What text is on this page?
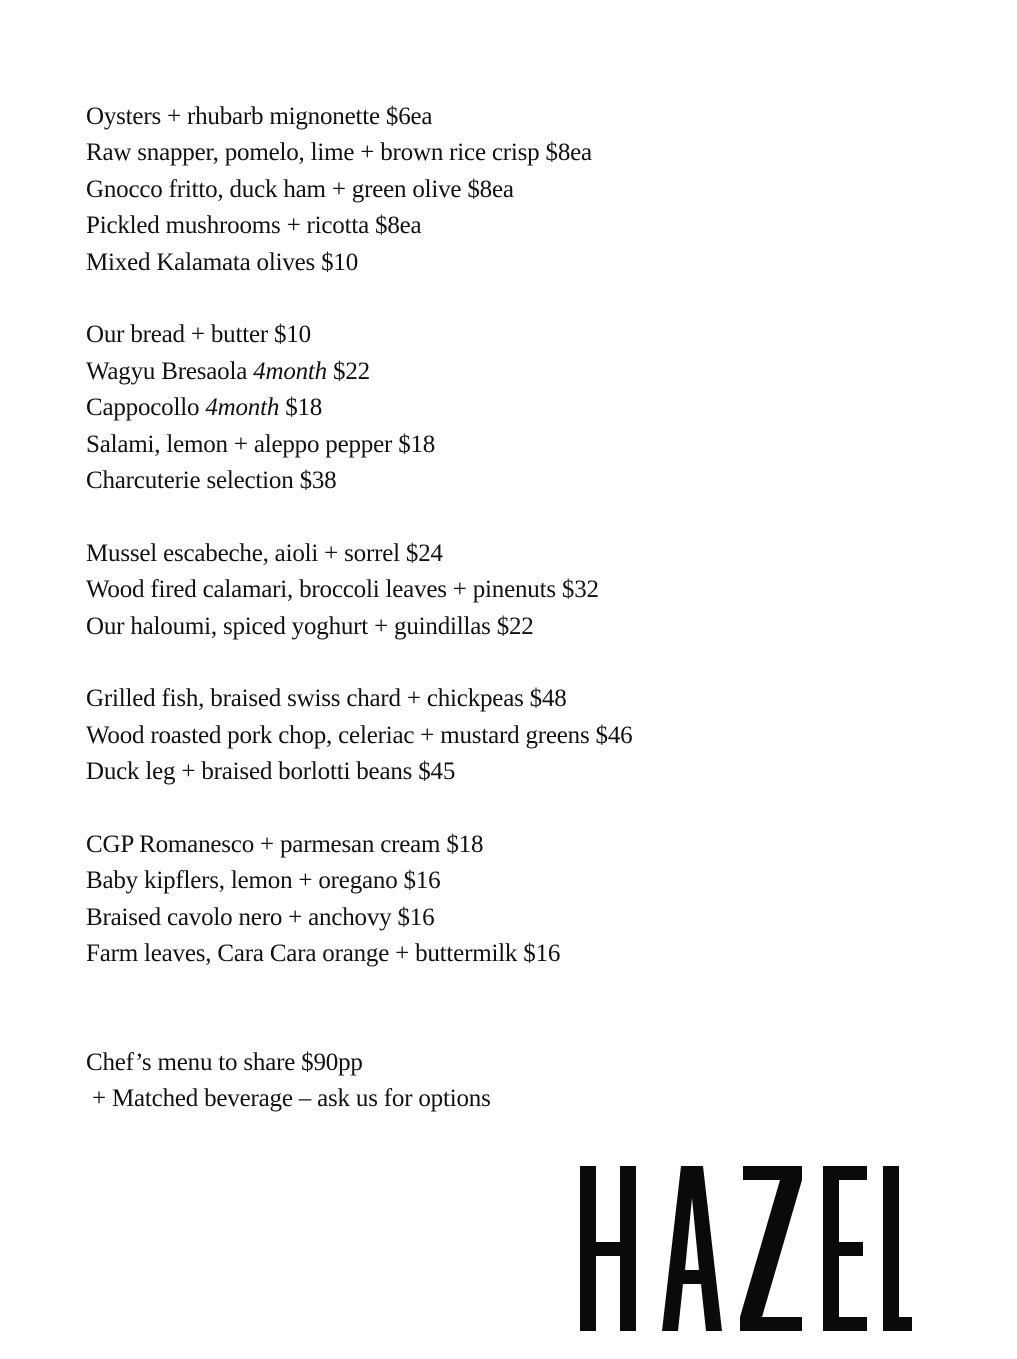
Oysters + rhubarb mignonette $6ea
Raw snapper, pomelo, lime + brown rice crisp $8ea
Gnocco fritto, duck ham + green olive $8ea
Pickled mushrooms + ricotta $8ea
Mixed Kalamata olives $10
Our bread + butter $10
Wagyu Bresaola 4month $22
Cappocollo 4month $18
Salami, lemon + aleppo pepper $18
Charcuterie selection $38
Mussel escabeche, aioli + sorrel $24
Wood fired calamari, broccoli leaves + pinenuts $32
Our haloumi, spiced yoghurt + guindillas $22
Grilled fish, braised swiss chard + chickpeas $48
Wood roasted pork chop, celeriac + mustard greens $46
Duck leg + braised borlotti beans $45
CGP Romanesco + parmesan cream $18
Baby kipflers, lemon + oregano $16
Braised cavolo nero + anchovy $16
Farm leaves, Cara Cara orange + buttermilk $16
Chef’s menu to share $90pp
+ Matched beverage – ask us for options
